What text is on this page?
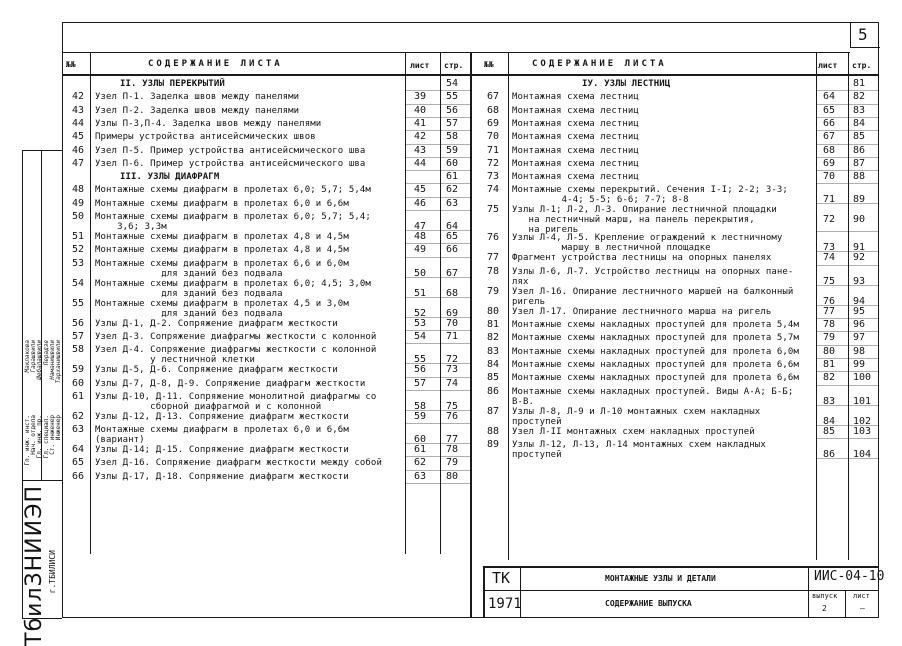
5
№№	СОДЕРЖАНИЕ ЛИСТА	лист стр.	№№	СОДЕРЖАНИЕ ЛИСТА	лист стр.
II. УЗЛЫ ПЕРЕКРЫТИЙ	54
42 Узел П-1. Заделка швов между панелями	39 55
43 Узел П-2. Заделка швов между панелями	40 56
44 Узлы П-3,П-4. Заделка швов между панелями	41 57
45 Примеры устройства антисейсмических швов	42 58
46 Узел П-5. Пример устройства антисейсмического шва	43 59
47 Узел П-6. Пример устройства антисейсмического шва	44 60
III. УЗЛЫ ДИАФРАГМ	61
48 Монтажные схемы диафрагм в пролетах 6,0; 5,7; 5,4м	45 62
49 Монтажные схемы диафрагм в пролетах 6,0 и 6,6м	46 63
50 Монтажные схемы диафрагм в пролетах 6,0; 5,7; 5,4;
3,6; 3,3м	47 64
51 Монтажные схемы диафрагм в пролетах 4,8 и 4,5м	48 65
52 Монтажные схемы диафрагм в пролетах 4,8 и 4,5м	49 66
53 Монтажные схемы диафрагм в пролетах 6,6 и 6,0м
для зданий без подвала	50 67
54 Монтажные схемы диафрагм в пролетах 6,0; 4,5; 3,0м
для зданий без подвала	51 68
55 Монтажные схемы диафрагм в пролетах 4,5 и 3,0м
для зданий без подвала	52 69
56 Узлы Д-1, Д-2. Сопряжение диафрагм жесткости	53 70
57 Узел Д-3. Сопряжение диафрагмы жесткости с колонной	54 71
58 Узел Д-4. Сопряжение диафрагмы жесткости с колонной
у лестничной клетки	55 72
59 Узлы Д-5, Д-6. Сопряжение диафрагм жесткости	56 73
60 Узлы Д-7, Д-8, Д-9. Сопряжение диафрагм жесткости	57 74
61 Узлы Д-10, Д-11. Сопряжение монолитной диафрагмы со
сборной диафрагмой и с колонной	58 75
62 Узлы Д-12, Д-13. Сопряжение диафрагм жесткости	59 76
63 Монтажные схемы диафрагм в пролетах 6,0 и 6,6м
(вариант)	60 77
64 Узлы Д-14; Д-15. Сопряжение диафрагм жесткости	61 78
65 Узел Д-16. Сопряжение диафрагм жесткости между собой	62 79
66 Узлы Д-17, Д-18. Сопряжение диафрагм жесткости	63 80
IУ. УЗЛЫ ЛЕСТНИЦ	81
67 Монтажная схема лестниц	64 82
68 Монтажная схема лестниц	65 83
69 Монтажная схема лестниц	66 84
70 Монтажная схема лестниц	67 85
71 Монтажная схема лестниц	68 86
72 Монтажная схема лестниц	69 87
73 Монтажная схема лестниц	70 88
74 Монтажные схемы перекрытий. Сечения I-I; 2-2; 3-3;
4-4; 5-5; 6-6; 7-7; 8-8	71 89
75 Узлы Л-1; Л-2, Л-3. Опирание лестничной площадки
на лестничный марш, на панель перекрытия,
на ригель
72 90
76 Узлы Л-4, Л-5. Крепление ограждений к лестничному
маршу в лестничной площадке	73 91
77 Фрагмент устройства лестницы на опорных панелях	74 92
78 Узлы Л-6, Л-7. Устройство лестницы на опорных пане-
лях	75 93
79 Узел Л-16. Опирание лестничного маршей на балконный
ригель	76 94
80 Узел Л-17. Опирание лестничного марша на ригель	77 95
81 Монтажные схемы накладных проступей для пролета 5,4м 78 96
82 Монтажные схемы накладных проступей для пролета 5,7м 79 97
83 Монтажные схемы накладных проступей для пролета 6,0м 80 98
84 Монтажные схемы накладных проступей для пролета 6,6м 81 99
85 Монтажные схемы накладных проступей для пролета 6,6м 82 100
86 Монтажные схемы накладных проступей. Виды А-А; Б-Б;
В-В.	83 101
87 Узлы Л-8, Л-9 и Л-10 монтажных схем накладных
проступей	84 102
88 Узел Л-II монтажных схем накладных проступей	85 103
89 Узлы Л-12, Л-13, Л-14 монтажных схем накладных
проступей	86 104
ТК
1971
МОНТАЖНЫЕ УЗЛЫ И ДЕТАЛИ
СОДЕРЖАНИЕ ВЫПУСКА
ИИС-04-10
выпуск
2
лист
–
ТбилЗНИИЭП г.ТБИЛИСИ
Гл. инж. инст. Нач. отдела Гл. инж. пр. Гл. специал. Ст. инженер Инженер
Маклакова Гарашвили Шебалашвили Перадзе Наманишвили Тарханишвили
